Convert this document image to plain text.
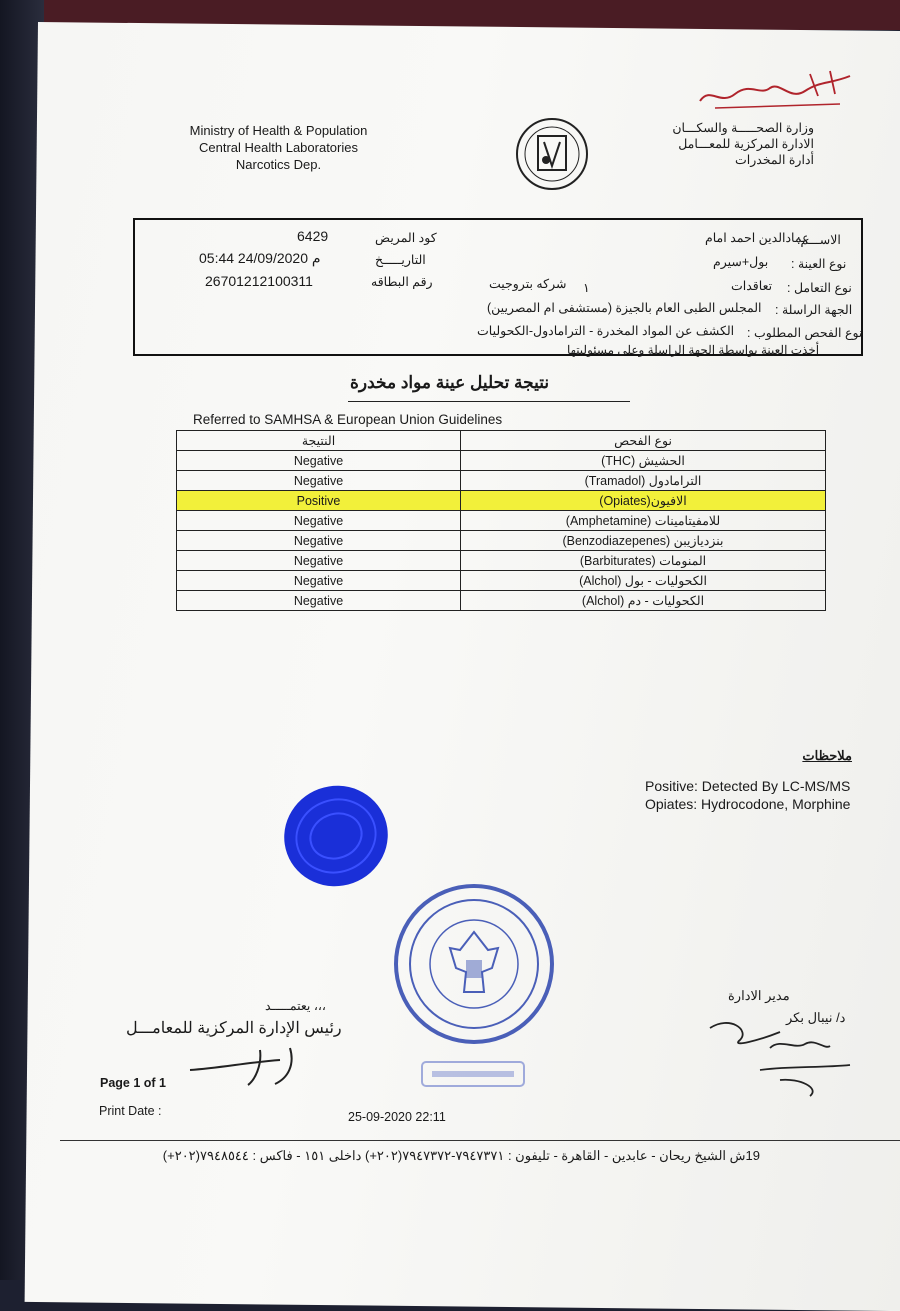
Ministry of Health & Population
Central Health Laboratories
Narcotics Dep.
وزارة الصحـــــة والسكـــان
الادارة المركزية للمعـــامل
أدارة المخدرات
6429	كود المريض	عمادالدين احمد امام
الاســـم:
05:44 24/09/2020 م	التاريـــــخ	بول+سيرم نوع العينة :
26701212100311	رقم البطاقه	شركه بتروجيت ١	تعاقدات نوع التعامل :
المجلس الطبى العام بالجيزة (مستشفى ام المصريين) الجهة الراسلة :
الكشف عن المواد المخدرة - الترامادول-الكحوليات نوع الفحص المطلوب :
أخذت العينة بواسطة الجهة الراسلة وعلى مسئوليتها
نتيجة تحليل عينة مواد مخدرة
Referred to SAMHSA & European Union Guidelines
النتيجة	نوع الفحص
Negative	الحشيش (THC)
Negative	الترامادول (Tramadol)
Positive	الافيون(Opiates)
Negative	للامفيتامينات (Amphetamine)
Negative	بنزديازيبن (Benzodiazepenes)
Negative	المنومات (Barbiturates)
Negative	الكحوليات - بول (Alchol)
Negative	الكحوليات - دم (Alchol)
ملاحظات
Positive: Detected By LC-MS/MS
Opiates: Hydrocodone, Morphine
،،، يعتمـــــد
رئيس الإدارة المركزية للمعامـــل
مدير الادارة
د/ نيبال بكر
Page 1 of 1
Print Date :	25-09-2020 22:11
19ش الشيخ ريحان - عابدين - القاهرة - تليفون : ٧٩٤٧٣٧١-٧٩٤٧٣٧٢(٢٠٢+) داخلى ١٥١ - فاكس : ٧٩٤٨٥٤٤(٢٠٢+)
